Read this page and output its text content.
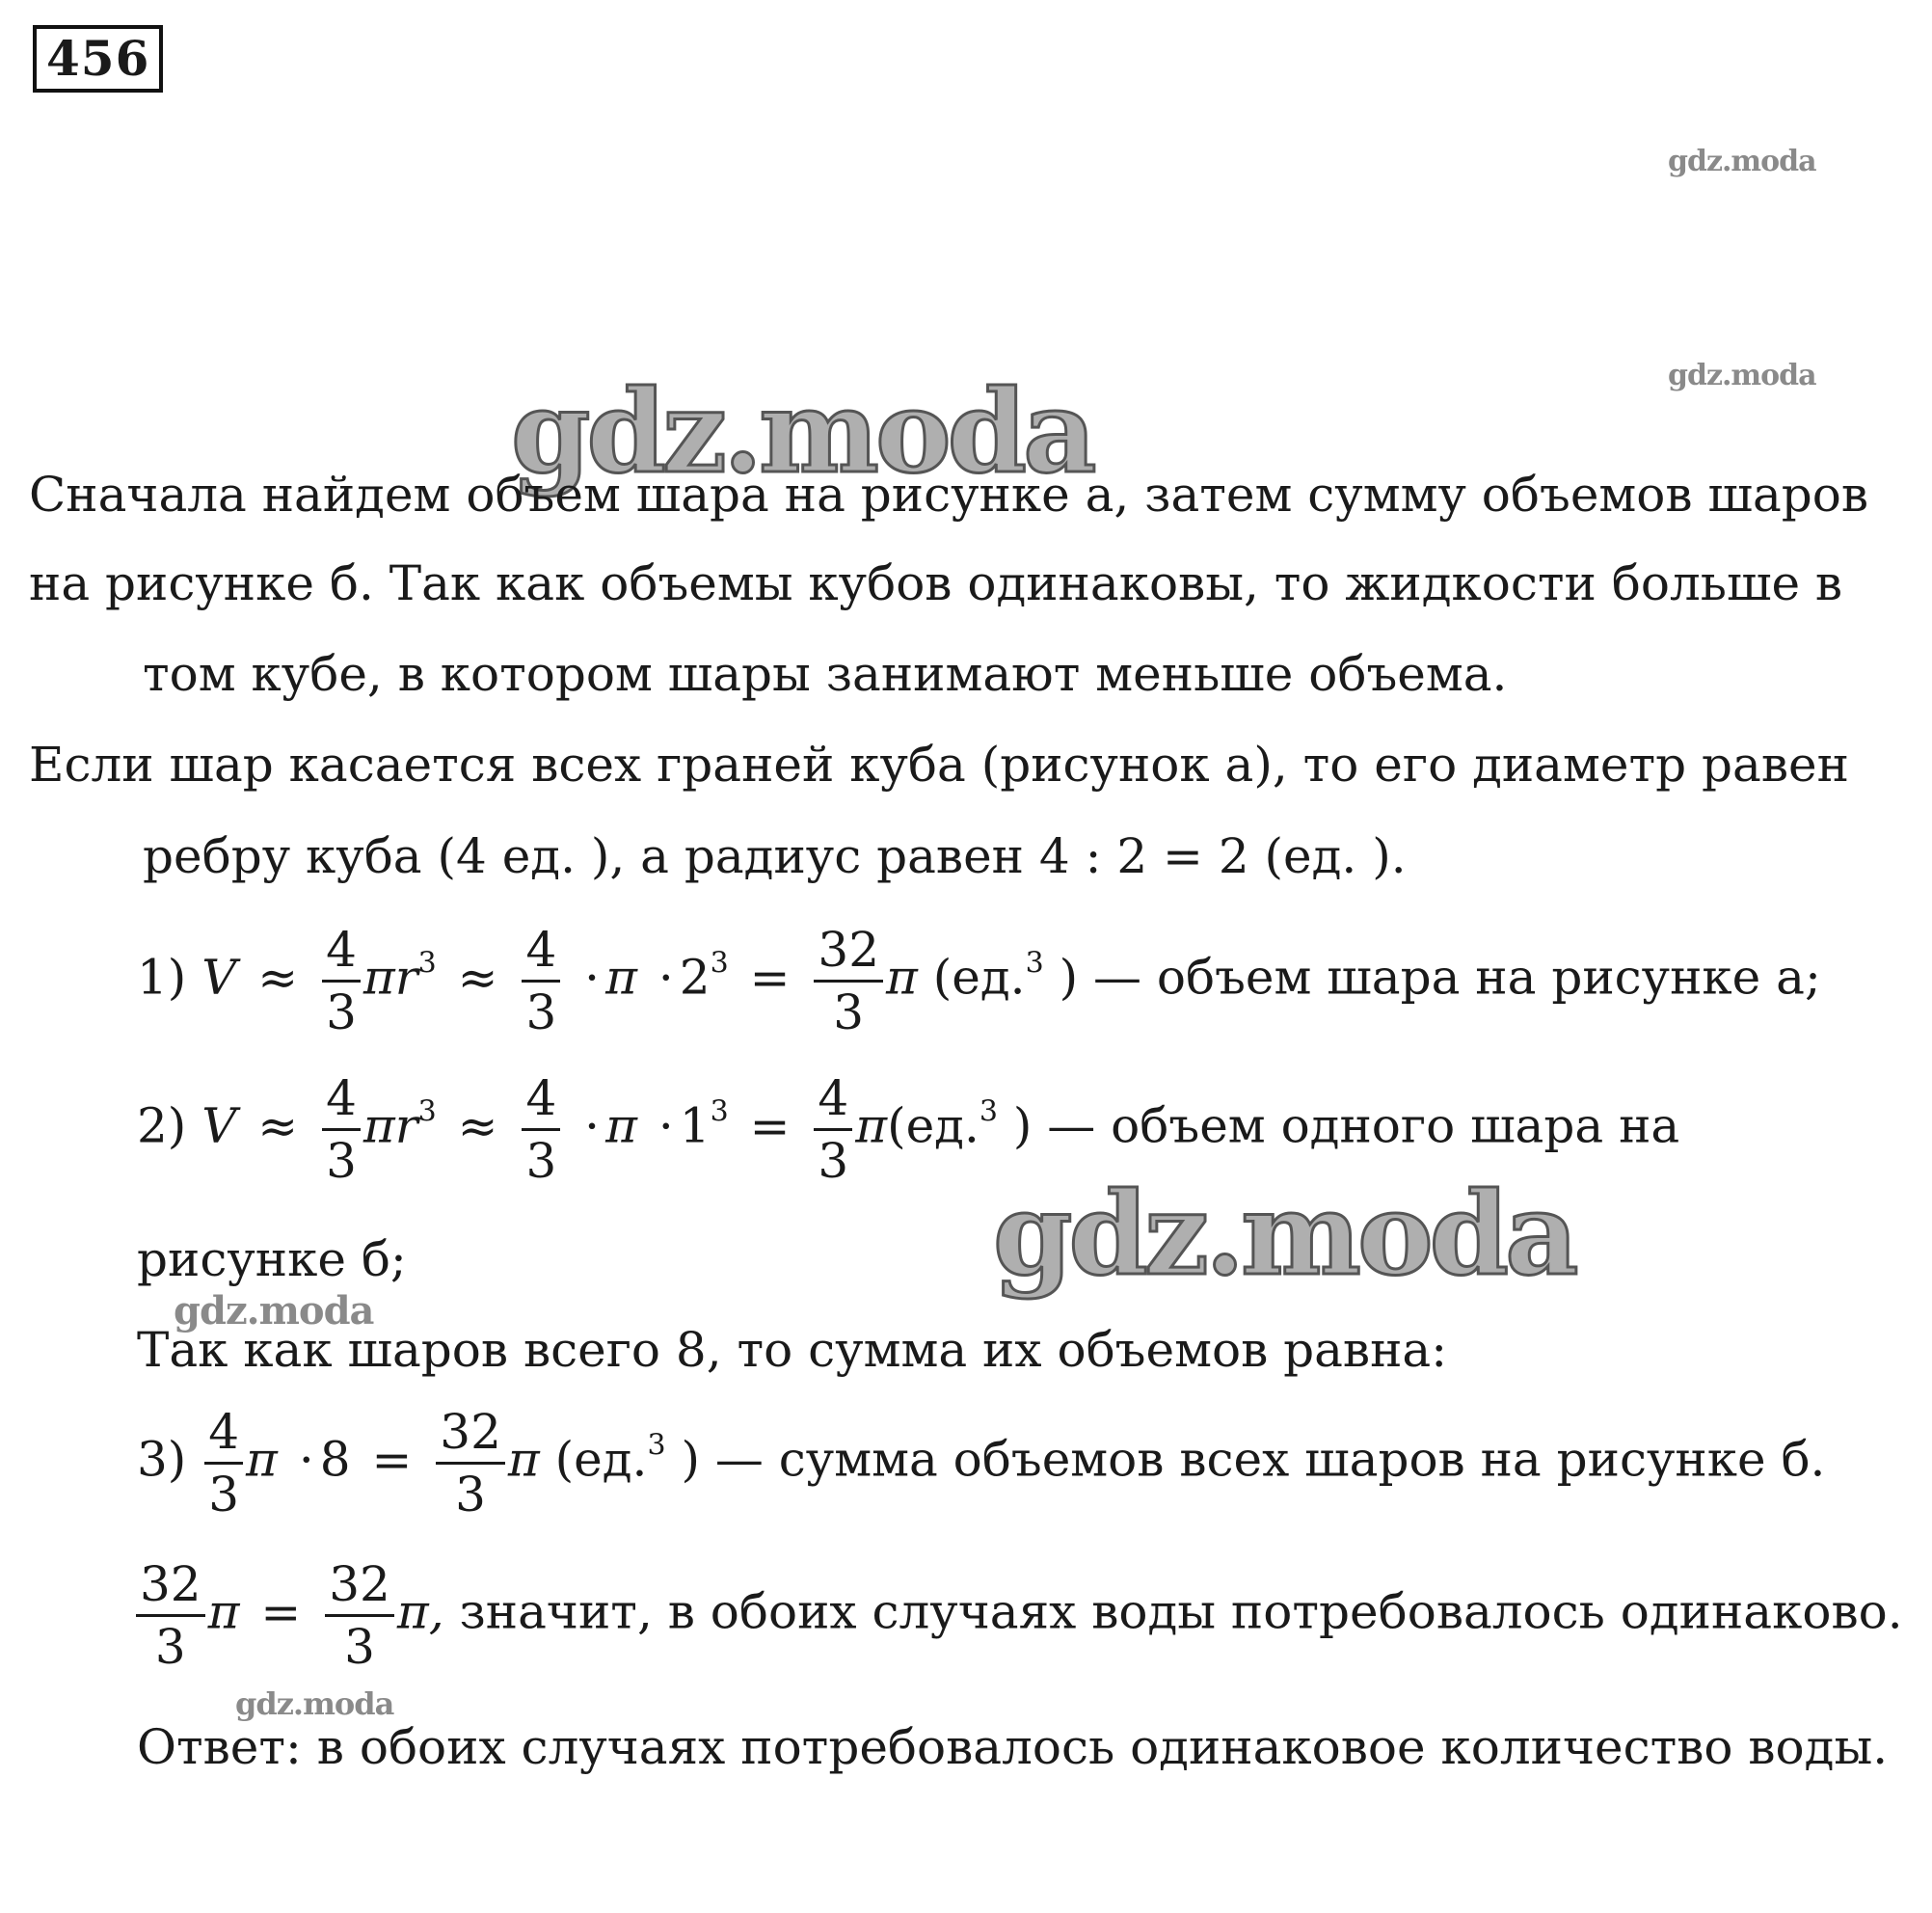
456
gdz.moda
gdz.moda
gdz.moda
gdz.moda
gdz.moda
gdz.moda
Сначала найдем объем шара на рисунке а, затем сумму объемов шаров
на рисунке б. Так как объемы кубов одинаковы, то жидкости больше в
том кубе, в котором шары занимают меньше объема.
Если шар касается всех граней куба (рисунок а), то его диаметр равен
ребру куба (4 ед. ), а радиус равен 4 : 2 = 2 (ед. ).
1) $V \approx \frac{4}{3} \pi r^3 \approx \frac{4}{3} \cdot \pi \cdot 2^3 = \frac{32}{3}$ π (ед.$^3$ ) — объем шара на рисунке а;
2) $V \approx \frac{4}{3} \pi r^3 \approx \frac{4}{3} \cdot \pi \cdot 1^3 = \frac{4}{3} \pi(ед.^3$ ) — объем одного шара на
рисунке б;
Так как шаров всего 8, то сумма их объемов равна:
$3) \frac{4}{3}$ $\pi \cdot 8 = \frac{32}{3}$ π (ед.$^3$ ) — сумма объемов всех шаров на рисунке б.
$\frac{32}{3}$ $\pi = \frac{32}{3} \pi$, значит, в обоих случаях воды потребовалось одинаково.
Ответ: в обоих случаях потребовалось одинаковое количество воды.
